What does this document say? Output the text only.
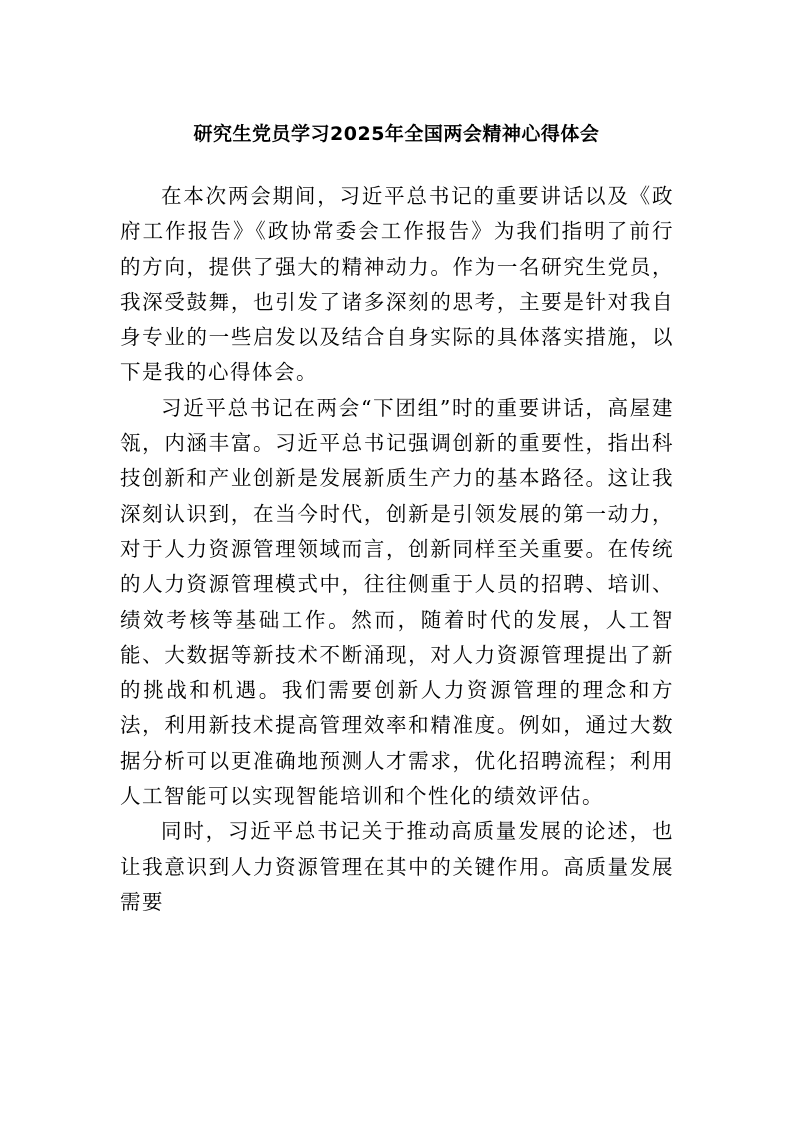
研究生党员学习2025年全国两会精神心得体会

在本次两会期间，习近平总书记的重要讲话以及《政府工作报告》《政协常委会工作报告》为我们指明了前行的方向，提供了强大的精神动力。作为一名研究生党员，我深受鼓舞，也引发了诸多深刻的思考，主要是针对我自身专业的一些启发以及结合自身实际的具体落实措施，以下是我的心得体会。

习近平总书记在两会“下团组”时的重要讲话，高屋建瓴，内涵丰富。习近平总书记强调创新的重要性，指出科技创新和产业创新是发展新质生产力的基本路径。这让我深刻认识到，在当今时代，创新是引领发展的第一动力，对于人力资源管理领域而言，创新同样至关重要。在传统的人力资源管理模式中，往往侧重于人员的招聘、培训、绩效考核等基础工作。然而，随着时代的发展，人工智能、大数据等新技术不断涌现，对人力资源管理提出了新的挑战和机遇。我们需要创新人力资源管理的理念和方法，利用新技术提高管理效率和精准度。例如，通过大数据分析可以更准确地预测人才需求，优化招聘流程；利用人工智能可以实现智能培训和个性化的绩效评估。

同时，习近平总书记关于推动高质量发展的论述，也让我意识到人力资源管理在其中的关键作用。高质量发展需要
